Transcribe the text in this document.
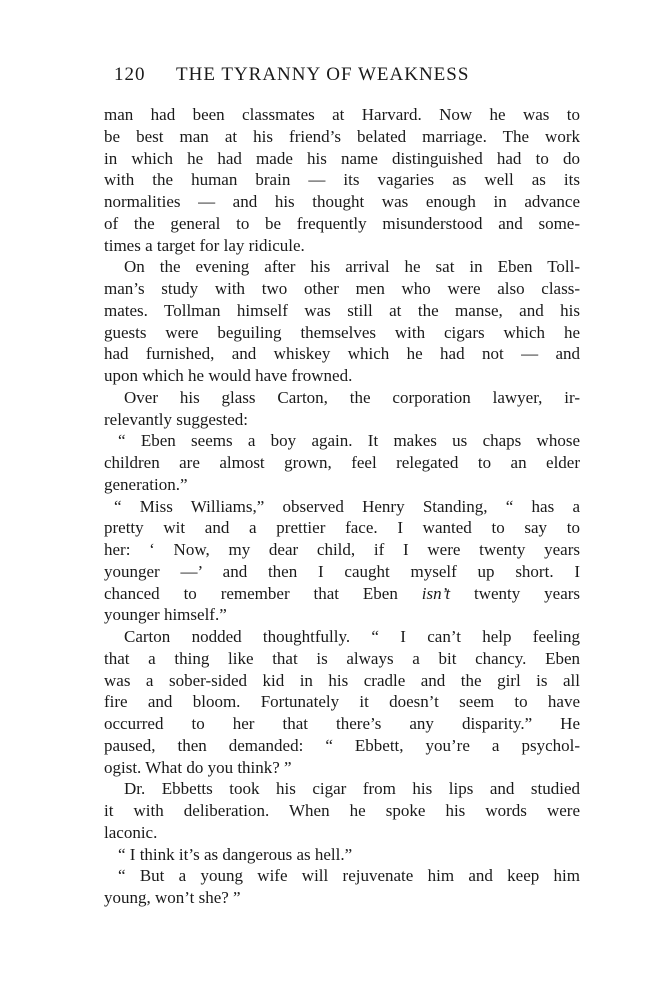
120 THE TYRANNY OF WEAKNESS
man had been classmates at Harvard. Now he was to
be best man at his friend’s belated marriage. The work
in which he had made his name distinguished had to do
with the human brain — its vagaries as well as its
normalities — and his thought was enough in advance
of the general to be frequently misunderstood and some-
times a target for lay ridicule.
On the evening after his arrival he sat in Eben Toll-
man’s study with two other men who were also class-
mates. Tollman himself was still at the manse, and his
guests were beguiling themselves with cigars which he
had furnished, and whiskey which he had not — and
upon which he would have frowned.
Over his glass Carton, the corporation lawyer, ir-
relevantly suggested:
“ Eben seems a boy again. It makes us chaps whose
children are almost grown, feel relegated to an elder
generation.”
“ Miss Williams,” observed Henry Standing, “ has a
pretty wit and a prettier face. I wanted to say to
her: ‘ Now, my dear child, if I were twenty years
younger —’ and then I caught myself up short. I
chanced to remember that Eben isn’t twenty years
younger himself.”
Carton nodded thoughtfully. “ I can’t help feeling
that a thing like that is always a bit chancy. Eben
was a sober-sided kid in his cradle and the girl is all
fire and bloom. Fortunately it doesn’t seem to have
occurred to her that there’s any disparity.” He
paused, then demanded: “ Ebbett, you’re a psychol-
ogist. What do you think? ”
Dr. Ebbetts took his cigar from his lips and studied
it with deliberation. When he spoke his words were
laconic.
“ I think it’s as dangerous as hell.”
“ But a young wife will rejuvenate him and keep him
young, won’t she? ”
